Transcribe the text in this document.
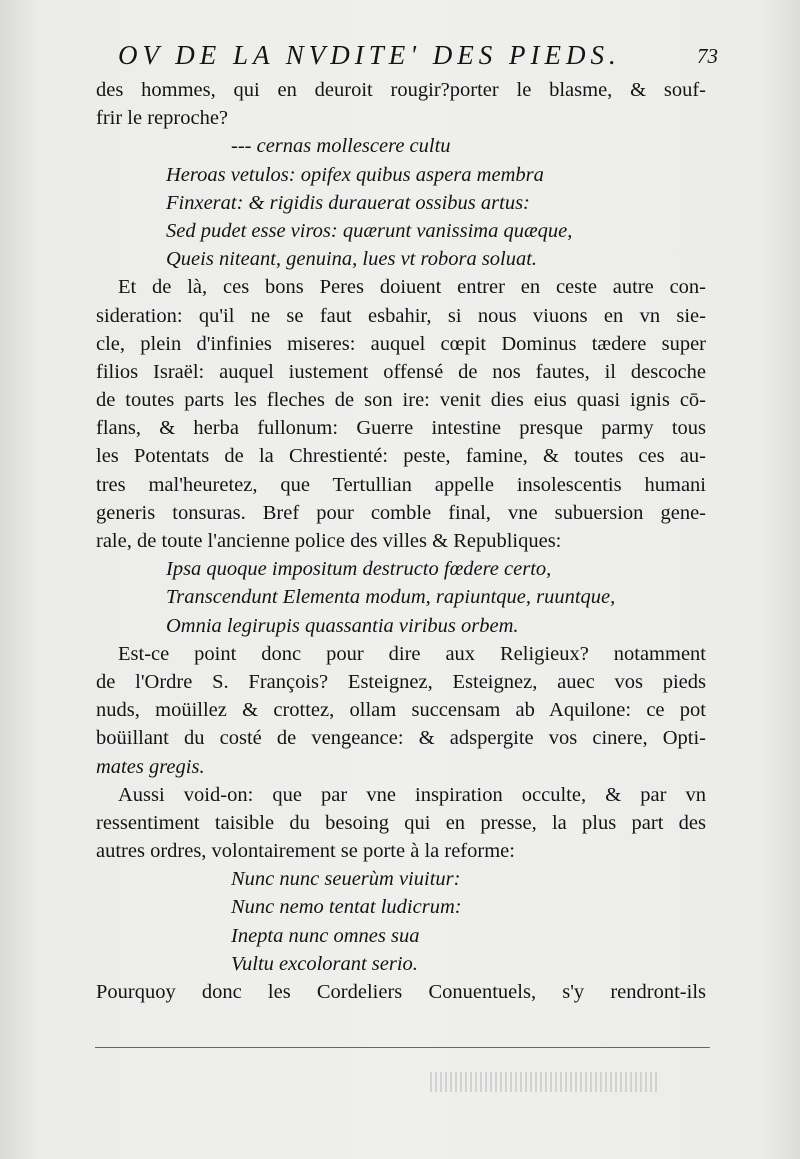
OV DE LA NVDITE' DES PIEDS.	73
des hommes, qui en deuroit rougir?porter le blasme, & souf-
frir le reproche?
--- cernas mollescere cultu
Heroas vetulos: opifex quibus aspera membra
Finxerat: & rigidis durauerat ossibus artus:
Sed pudet esse viros: quærunt vanissima quæque,
Queis niteant, genuina, lues vt robora soluat.
Et de là, ces bons Peres doiuent entrer en ceste autre con-
sideration: qu'il ne se faut esbahir, si nous viuons en vn sie-
cle, plein d'infinies miseres: auquel cœpit Dominus tædere super
filios Israël: auquel iustement offensé de nos fautes, il descoche
de toutes parts les fleches de son ire: venit dies eius quasi ignis cō-
flans, & herba fullonum: Guerre intestine presque parmy tous
les Potentats de la Chrestienté: peste, famine, & toutes ces au-
tres mal'heuretez, que Tertullian appelle insolescentis humani
generis tonsuras. Bref pour comble final, vne subuersion gene-
rale, de toute l'ancienne police des villes & Republiques:
Ipsa quoque impositum destructo fœdere certo,
Transcendunt Elementa modum, rapiuntque, ruuntque,
Omnia legirupis quassantia viribus orbem.
Est-ce point donc pour dire aux Religieux? notamment
de l'Ordre S. François? Esteignez, Esteignez, auec vos pieds
nuds, moüillez & crottez, ollam succensam ab Aquilone: ce pot
boüillant du costé de vengeance: & adspergite vos cinere, Opti-
mates gregis.
Aussi void-on: que par vne inspiration occulte, & par vn
ressentiment taisible du besoing qui en presse, la plus part des
autres ordres, volontairement se porte à la reforme:
Nunc nunc seuerùm viuitur:
Nunc nemo tentat ludicrum:
Inepta nunc omnes sua
Vultu excolorant serio.
Pourquoy donc les Cordeliers Conuentuels, s'y rendront-ils
